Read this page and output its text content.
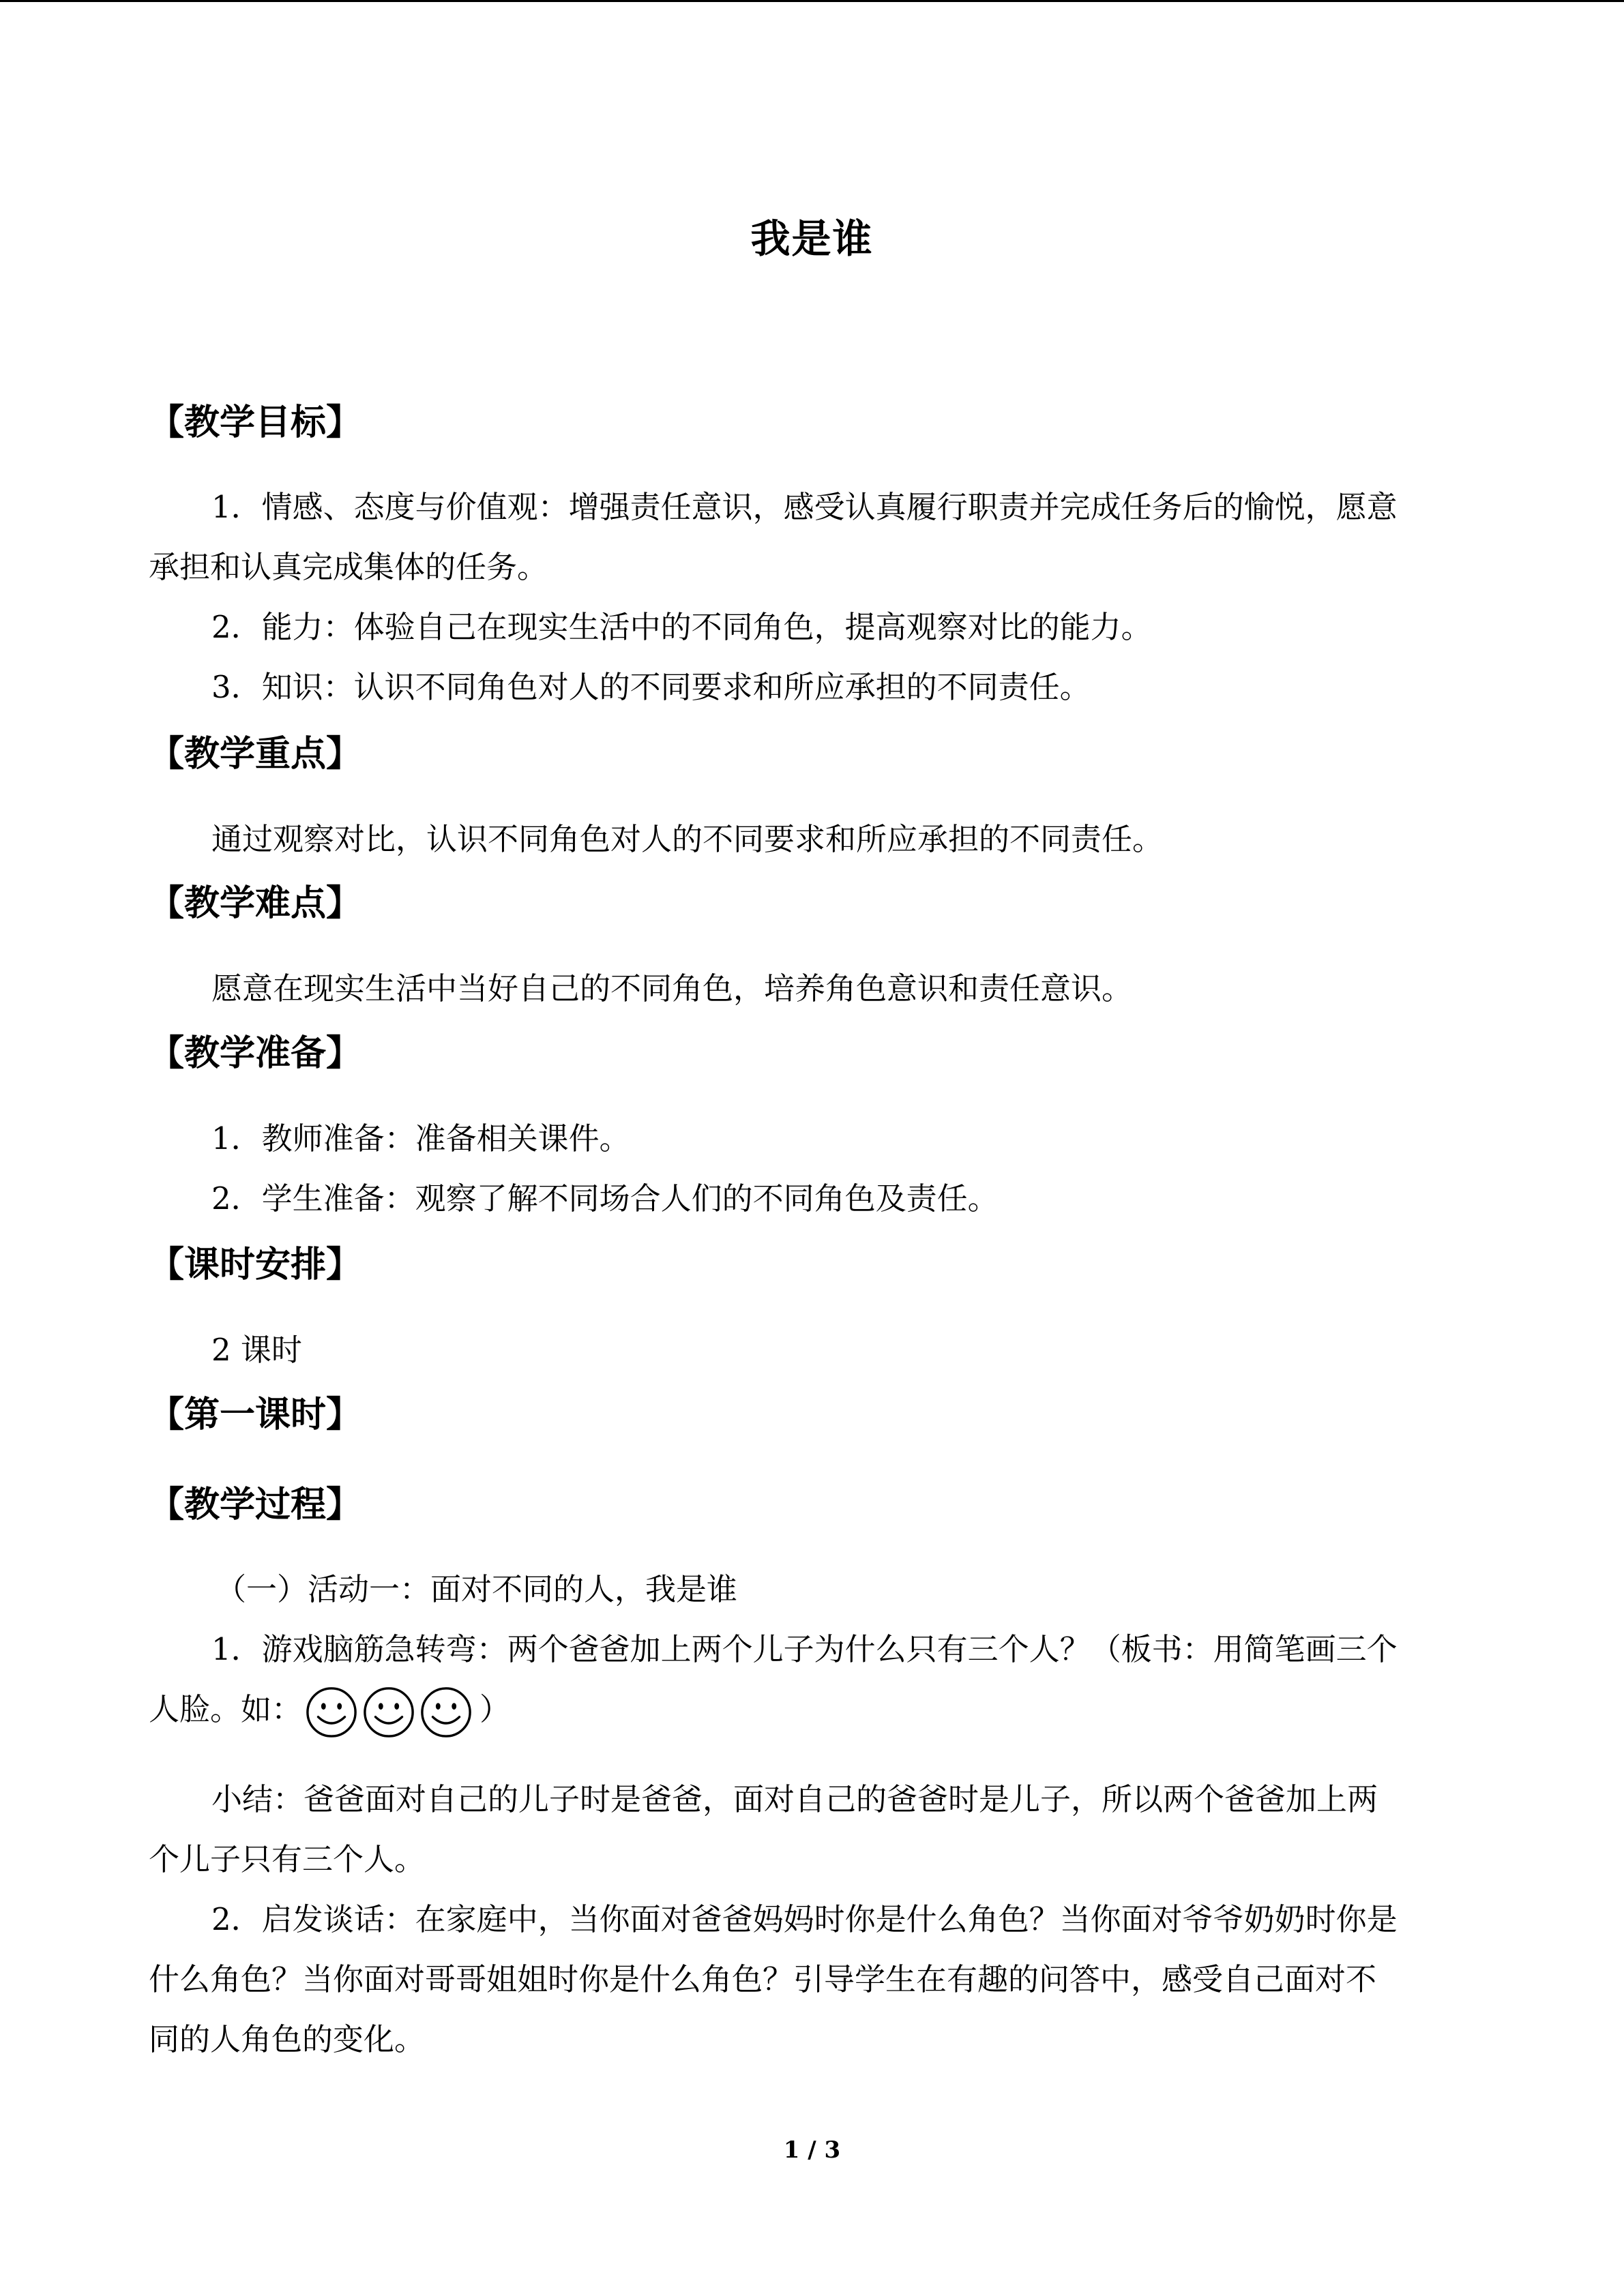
我是谁
【教学目标】
1．情感、态度与价值观：增强责任意识，感受认真履行职责并完成任务后的愉悦，愿意
承担和认真完成集体的任务。
2．能力：体验自己在现实生活中的不同角色，提高观察对比的能力。
3．知识：认识不同角色对人的不同要求和所应承担的不同责任。
【教学重点】
通过观察对比，认识不同角色对人的不同要求和所应承担的不同责任。
【教学难点】
愿意在现实生活中当好自己的不同角色，培养角色意识和责任意识。
【教学准备】
1．教师准备：准备相关课件。
2．学生准备：观察了解不同场合人们的不同角色及责任。
【课时安排】
2 课时
【第一课时】
【教学过程】
（一）活动一：面对不同的人，我是谁
1．游戏脑筋急转弯：两个爸爸加上两个儿子为什么只有三个人？（板书：用简笔画三个
人脸。如：	）
小结：爸爸面对自己的儿子时是爸爸，面对自己的爸爸时是儿子，所以两个爸爸加上两
个儿子只有三个人。
2．启发谈话：在家庭中，当你面对爸爸妈妈时你是什么角色？当你面对爷爷奶奶时你是
什么角色？当你面对哥哥姐姐时你是什么角色？引导学生在有趣的问答中，感受自己面对不
同的人角色的变化。
1 / 3
